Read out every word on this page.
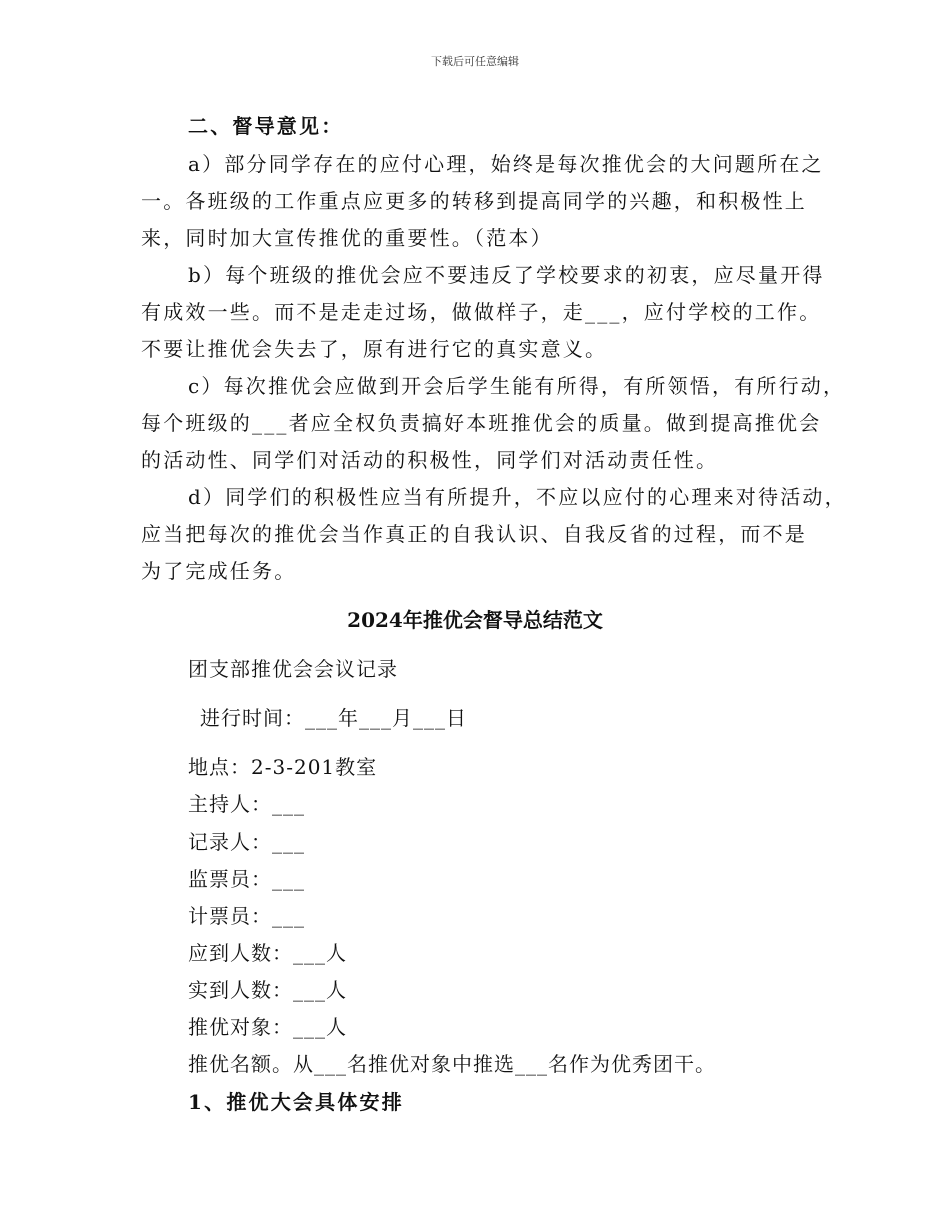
下载后可任意编辑
二、督导意见：
a）部分同学存在的应付心理，始终是每次推优会的大问题所在之
一。各班级的工作重点应更多的转移到提高同学的兴趣，和积极性上
来，同时加大宣传推优的重要性。（范本）
b）每个班级的推优会应不要违反了学校要求的初衷，应尽量开得
有成效一些。而不是走走过场，做做样子，走___，应付学校的工作。
不要让推优会失去了，原有进行它的真实意义。
c）每次推优会应做到开会后学生能有所得，有所领悟，有所行动，
每个班级的___者应全权负责搞好本班推优会的质量。做到提高推优会
的活动性、同学们对活动的积极性，同学们对活动责任性。
d）同学们的积极性应当有所提升，不应以应付的心理来对待活动，
应当把每次的推优会当作真正的自我认识、自我反省的过程，而不是
为了完成任务。
2024年推优会督导总结范文
团支部推优会会议记录
进行时间：___年___月___日
地点：2-3-201教室
主持人：___
记录人：___
监票员：___
计票员：___
应到人数：___人
实到人数：___人
推优对象：___人
推优名额。从___名推优对象中推选___名作为优秀团干。
1、推优大会具体安排
